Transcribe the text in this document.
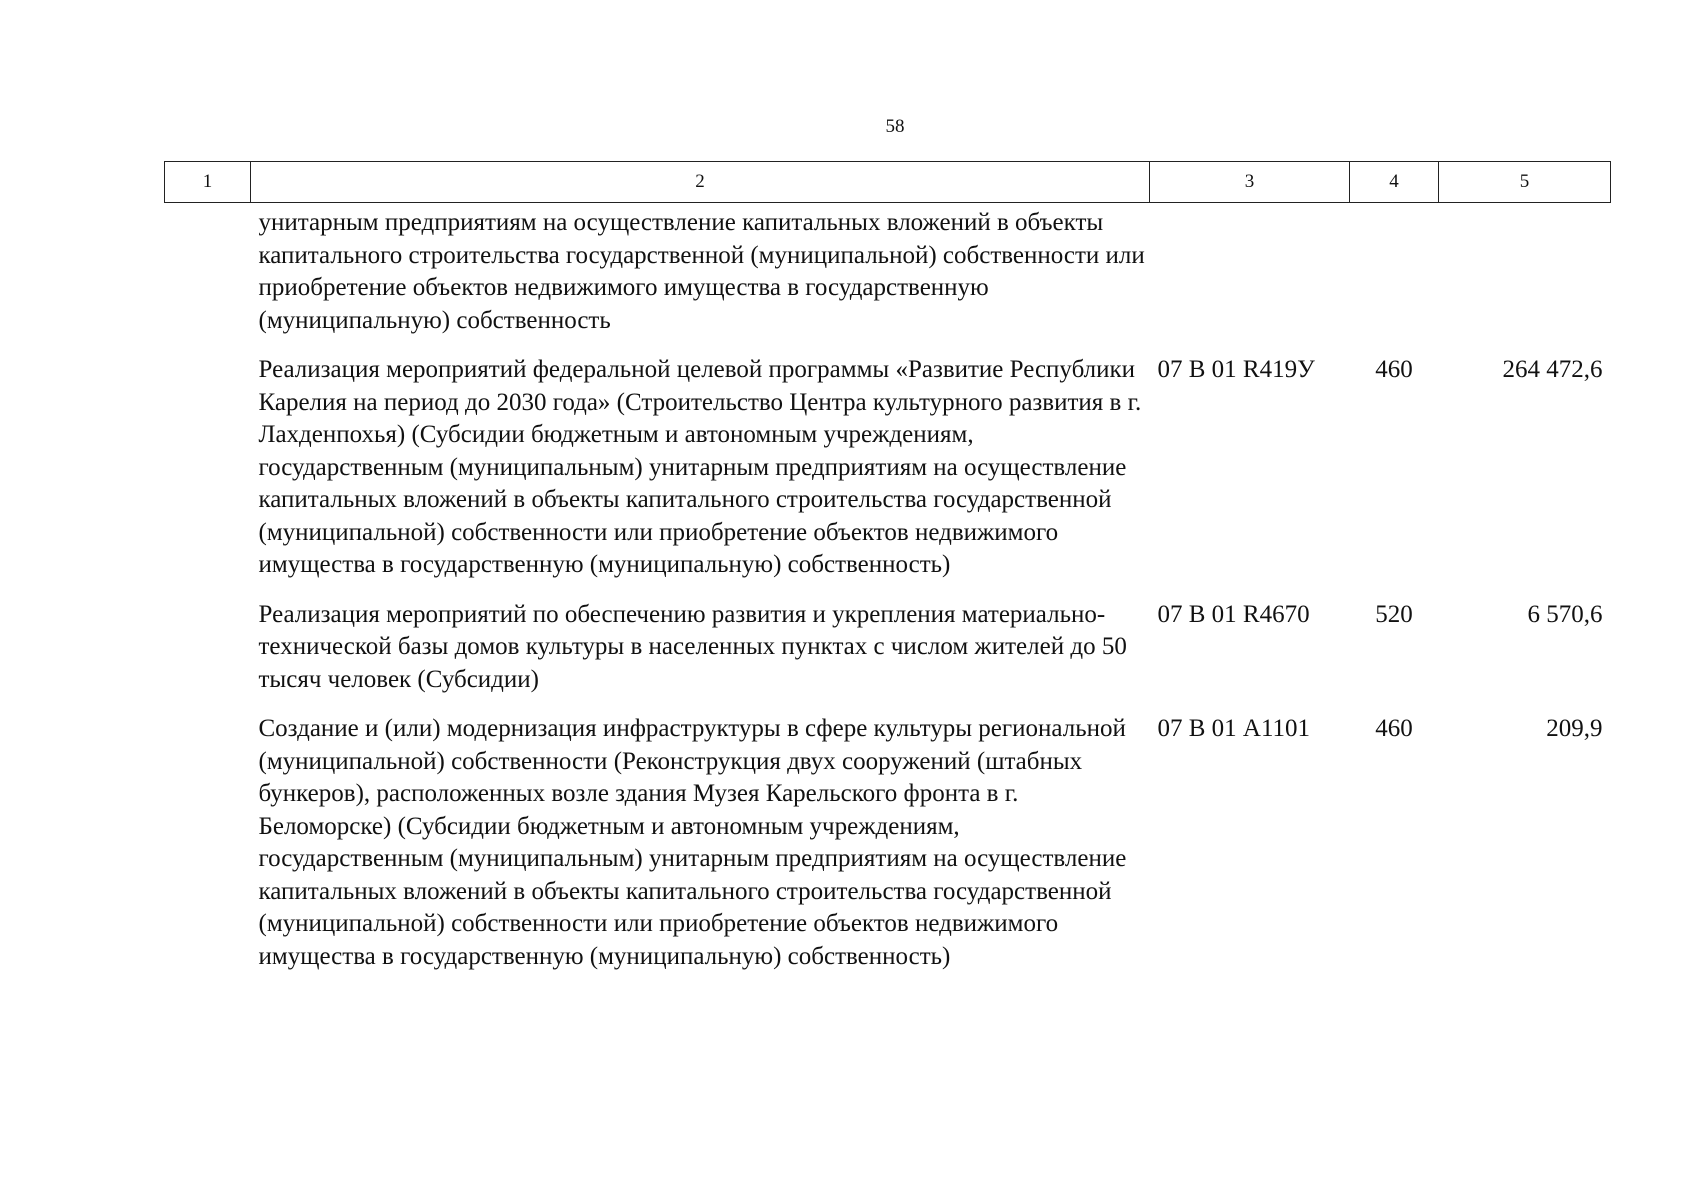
58
1	2	3	4	5
	унитарным предприятиям на осуществление капитальных вложений в объекты капитального строительства государственной (муниципальной) собственности или приобретение объектов недвижимого имущества в государственную (муниципальную) собственность			
	Реализация мероприятий федеральной целевой программы «Развитие Республики Карелия на период до 2030 года» (Строительство Центра культурного развития в г. Лахденпохья) (Субсидии бюджетным и автономным учреждениям, государственным (муниципальным) унитарным предприятиям на осуществление капитальных вложений в объекты капитального строительства государственной (муниципальной) собственности или приобретение объектов недвижимого имущества в государственную (муниципальную) собственность)	07 В 01 R419У	460	264 472,6
	Реализация мероприятий по обеспечению развития и укрепления материально-технической базы домов культуры в населенных пунктах с числом жителей до 50 тысяч человек (Субсидии)	07 В 01 R4670	520	6 570,6
	Создание и (или) модернизация инфраструктуры в сфере культуры региональной (муниципальной) собственности (Реконструкция двух сооружений (штабных бункеров), расположенных возле здания Музея Карельского фронта в г. Беломорске) (Субсидии бюджетным и автономным учреждениям, государственным (муниципальным) унитарным предприятиям на осуществление капитальных вложений в объекты капитального строительства государственной (муниципальной) собственности или приобретение объектов недвижимого имущества в государственную (муниципальную) собственность)	07 В 01 А1101	460	209,9
